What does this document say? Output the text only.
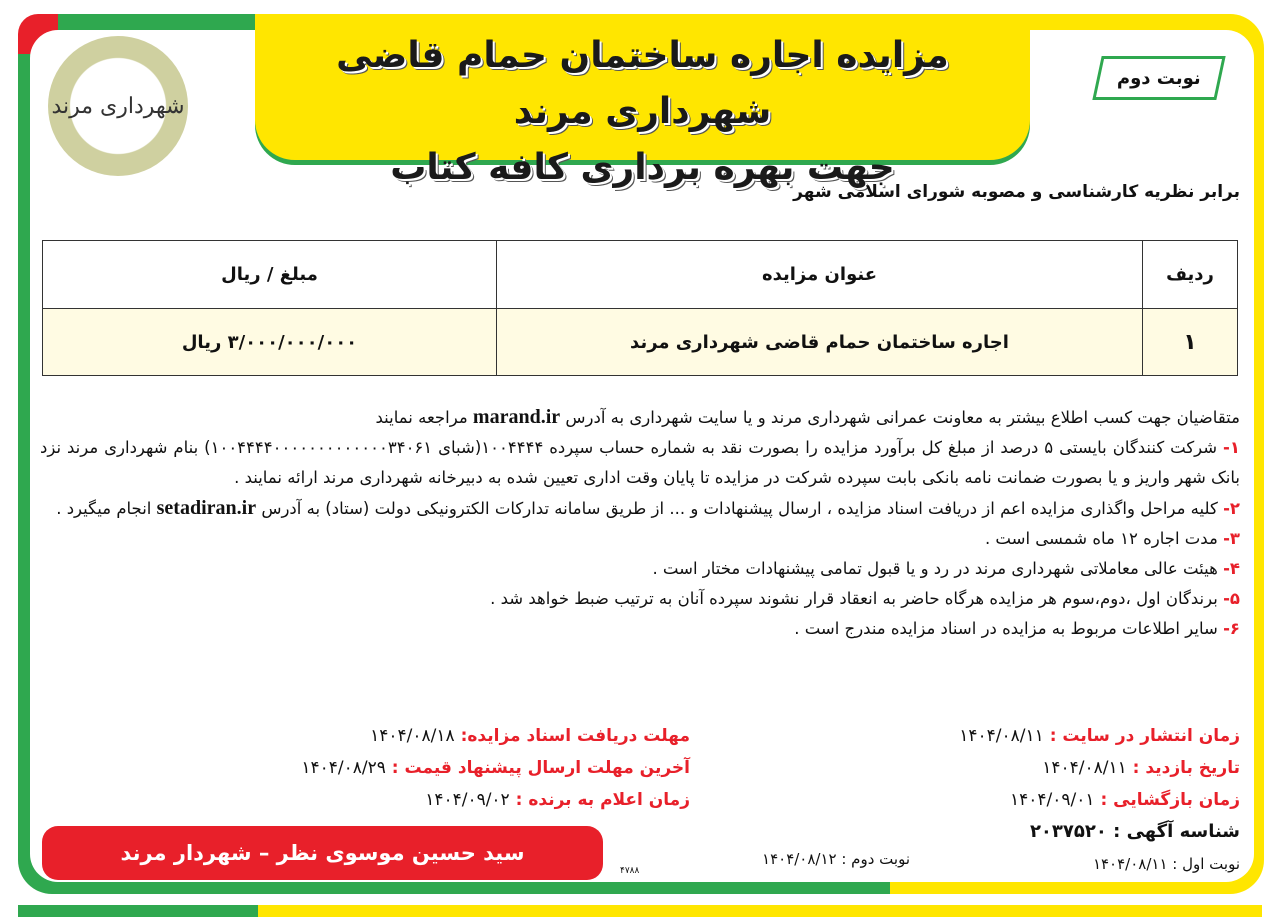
مزایده اجاره ساختمان حمام قاضی شهرداری مرند
جهت بهره برداری کافه کتاب
شهرداری مرند
نوبت دوم
برابر نظریه کارشناسی و مصوبه شورای اسلامی شهر
ردیف	عنوان مزایده	مبلغ / ریال
۱	اجاره ساختمان حمام قاضی شهرداری مرند	۳/۰۰۰/۰۰۰/۰۰۰ ریال

متقاضیان جهت کسب اطلاع بیشتر به معاونت عمرانی شهرداری مرند و یا سایت شهرداری به آدرس marand.ir مراجعه نمایند

۱- شرکت کنندگان بایستی ۵ درصد از مبلغ کل برآورد مزایده را بصورت نقد به شماره حساب سپرده ۱۰۰۴۴۴۴(شبای ۱۰۰۴۴۴۴۰۰۰۰۰۰۰۰۰۰۰۰۰۳۴۰۶۱) بنام شهرداری مرند نزد بانک شهر واریز و یا بصورت ضمانت نامه بانکی بابت سپرده شرکت در مزایده تا پایان وقت اداری تعیین شده به دبیرخانه شهرداری مرند ارائه نمایند .

۲- کلیه مراحل واگذاری مزایده اعم از دریافت اسناد مزایده ، ارسال پیشنهادات و ... از طریق سامانه تدارکات الکترونیکی دولت (ستاد) به آدرس setadiran.ir انجام میگیرد .

۳- مدت اجاره ۱۲ ماه شمسی است .

۴- هیئت عالی معاملاتی شهرداری مرند در رد و یا قبول تمامی پیشنهادات مختار است .

۵- برندگان اول ،دوم،سوم هر مزایده هرگاه حاضر به انعقاد قرار نشوند سپرده آنان به ترتیب ضبط خواهد شد .

۶- سایر اطلاعات مربوط به مزایده در اسناد مزایده مندرج است .

زمان انتشار در سایت : ۱۴۰۴/۰۸/۱۱
تاریخ بازدید : ۱۴۰۴/۰۸/۱۱
زمان بازگشایی : ۱۴۰۴/۰۹/۰۱
شناسه آگهی : ۲۰۳۷۵۲۰
نوبت اول : ۱۴۰۴/۰۸/۱۱
مهلت دریافت اسناد مزایده: ۱۴۰۴/۰۸/۱۸
آخرین مهلت ارسال پیشنهاد قیمت : ۱۴۰۴/۰۸/۲۹
زمان اعلام به برنده : ۱۴۰۴/۰۹/۰۲
نوبت دوم : ۱۴۰۴/۰۸/۱۲
۴۷۸۸
سید حسین موسوی نظر – شهردار مرند
